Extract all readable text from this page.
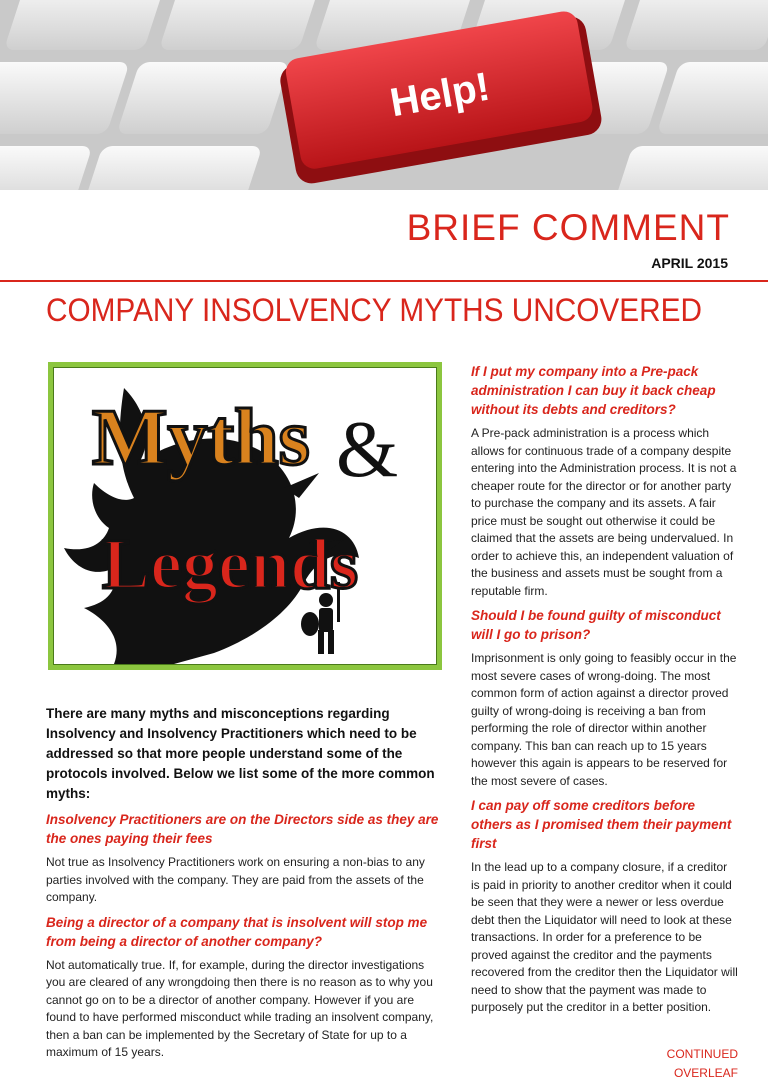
Help!
BRIEF COMMENT
APRIL 2015
COMPANY INSOLVENCY MYTHS UNCOVERED
Myths &
Legends

There are many myths and misconceptions regarding Insolvency and Insolvency Practitioners which need to be addressed so that more people understand some of the protocols involved. Below we list some of the more common myths:

Insolvency Practitioners are on the Directors side as they are the ones paying their fees

Not true as Insolvency Practitioners work on ensuring a non-bias to any parties involved with the company. They are paid from the assets of the company.

Being a director of a company that is insolvent will stop me from being a director of another company?

Not automatically true. If, for example, during the director investigations you are cleared of any wrongdoing then there is no reason as to why you cannot go on to be a director of another company. However if you are found to have performed misconduct while trading an insolvent company, then a ban can be implemented by the Secretary of State for up to a maximum of 15 years.

If I put my company into a Pre-pack administration I can buy it back cheap without its debts and creditors?

A Pre-pack administration is a process which allows for continuous trade of a company despite entering into the Administration process. It is not a cheaper route for the director or for another party to purchase the company and its assets. A fair price must be sought out otherwise it could be claimed that the assets are being undervalued. In order to achieve this, an independent valuation of the business and assets must be sought from a reputable firm.

Should I be found guilty of misconduct will I go to prison?

Imprisonment is only going to feasibly occur in the most severe cases of wrong-doing. The most common form of action against a director proved guilty of wrong-doing is receiving a ban from performing the role of director within another company. This ban can reach up to 15 years however this again is appears to be reserved for the most severe of cases.

I can pay off some creditors before others as I promised them their payment first

In the lead up to a company closure, if a creditor is paid in priority to another creditor when it could be seen that they were a newer or less overdue debt then the Liquidator will need to look at these transactions. In order for a preference to be proved against the creditor and the payments recovered from the creditor then the Liquidator will need to show that the payment was made to purposely put the creditor in a better position.

CONTINUED OVERLEAF
